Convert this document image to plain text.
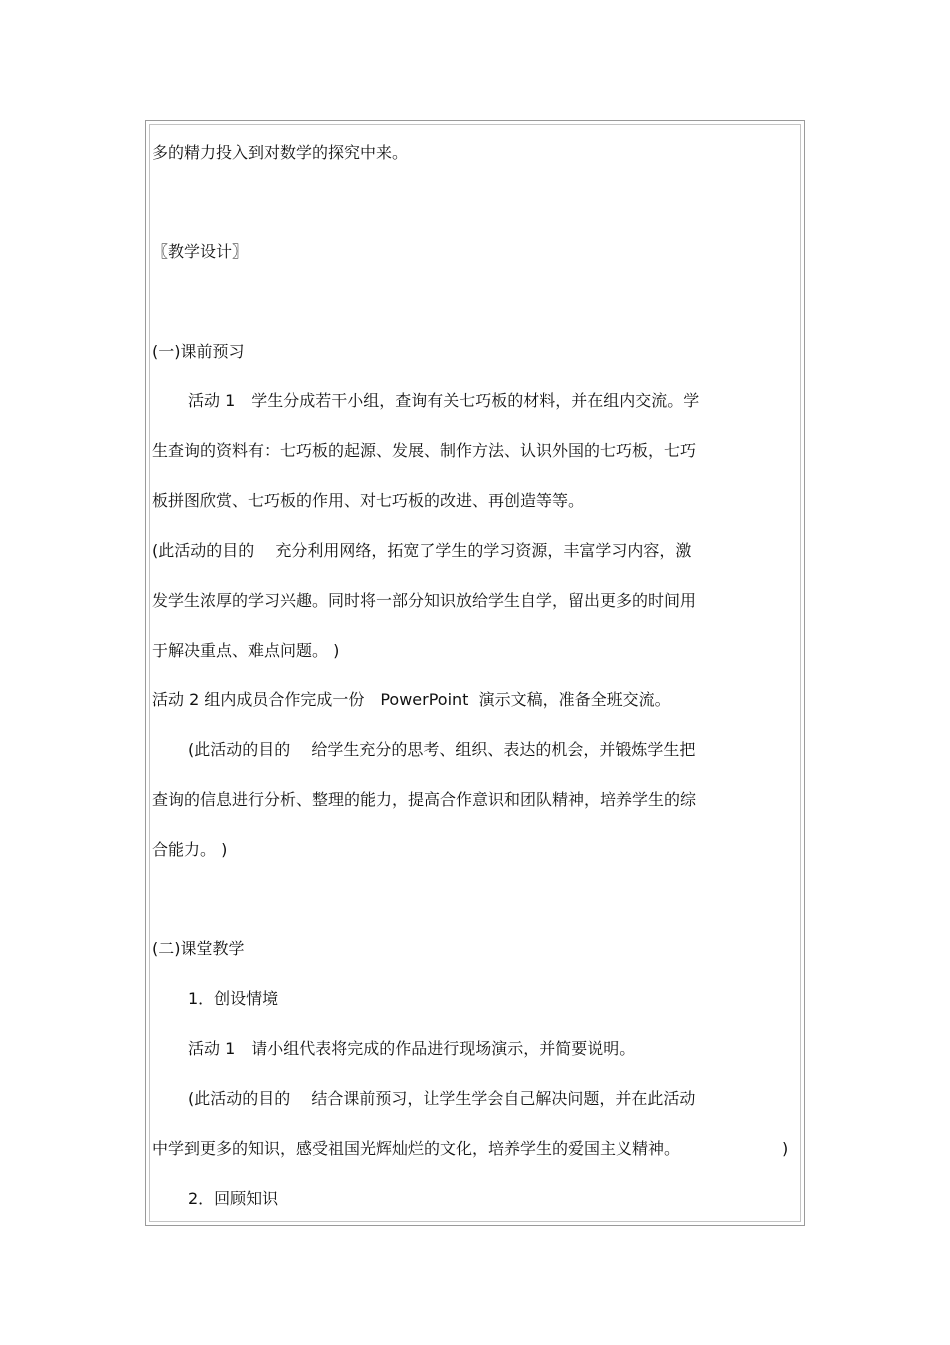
多的精力投入到对数学的探究中来。
〖教学设计〗
(一)课前预习
活动 1　学生分成若干小组，查询有关七巧板的材料，并在组内交流。学
生查询的资料有：七巧板的起源、发展、制作方法、认识外国的七巧板，七巧
板拼图欣赏、七巧板的作用、对七巧板的改进、再创造等等。
(此活动的目的　 充分利用网络，拓宽了学生的学习资源，丰富学习内容，激
发学生浓厚的学习兴趣。同时将一部分知识放给学生自学，留出更多的时间用
于解决重点、难点问题。 )
活动 2 组内成员合作完成一份　PowerPoint  演示文稿，准备全班交流。
(此活动的目的　 给学生充分的思考、组织、表达的机会，并锻炼学生把
查询的信息进行分析、整理的能力，提高合作意识和团队精神，培养学生的综
合能力。 )
(二)课堂教学
1．创设情境
活动 1　请小组代表将完成的作品进行现场演示，并简要说明。
(此活动的目的　 结合课前预习，让学生学会自己解决问题，并在此活动
中学到更多的知识，感受祖国光辉灿烂的文化，培养学生的爱国主义精神。	)
2．回顾知识
